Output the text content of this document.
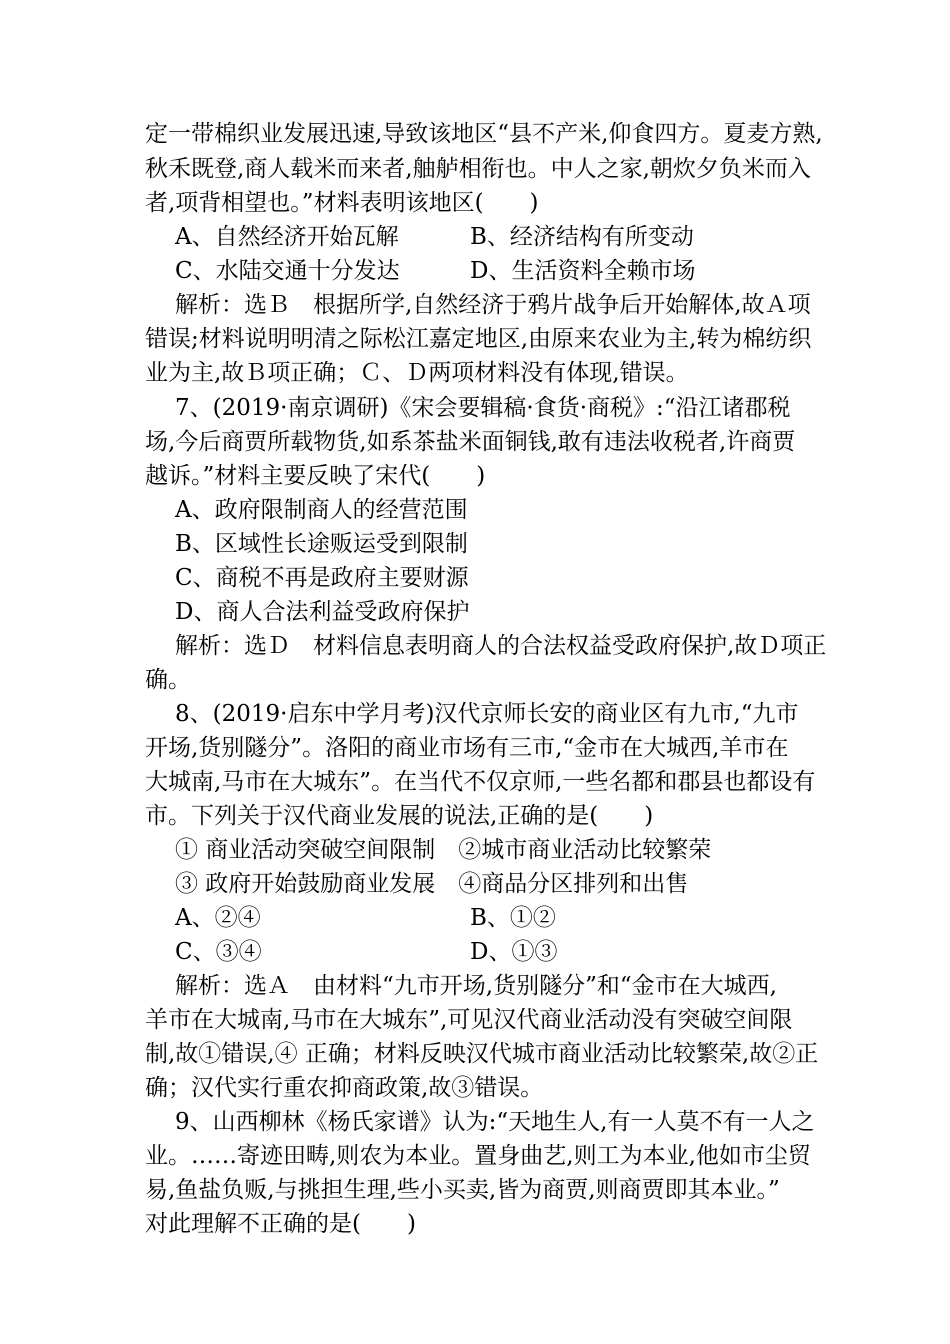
定一带棉织业发展迅速,导致该地区“县不产米,仰食四方。夏麦方熟,
秋禾既登,商人载米而来者,舳舻相衔也。中人之家,朝炊夕负米而入
者,项背相望也。”材料表明该地区(　　)
A、自然经济开始瓦解	B、经济结构有所变动
C、水陆交通十分发达	D、生活资料全赖市场
解析：选Ｂ　根据所学,自然经济于鸦片战争后开始解体,故Ａ项
错误;材料说明明清之际松江嘉定地区,由原来农业为主,转为棉纺织
业为主,故Ｂ项正确；Ｃ、Ｄ两项材料没有体现,错误。
7、(2019·南京调研)《宋会要辑稿·食货·商税》:“沿江诸郡税
场,今后商贾所载物货,如系茶盐米面铜钱,敢有违法收税者,许商贾
越诉。”材料主要反映了宋代(　　)
A、政府限制商人的经营范围
B、区域性长途贩运受到限制
C、商税不再是政府主要财源
D、商人合法利益受政府保护
解析：选Ｄ　材料信息表明商人的合法权益受政府保护,故Ｄ项正
确。
8、(2019·启东中学月考)汉代京师长安的商业区有九市,“九市
开场,货别隧分”。洛阳的商业市场有三市,“金市在大城西,羊市在
大城南,马市在大城东”。在当代不仅京师,一些名都和郡县也都设有
市。下列关于汉代商业发展的说法,正确的是(　　)
① 商业活动突破空间限制　②城市商业活动比较繁荣
③ 政府开始鼓励商业发展　④商品分区排列和出售
A、②④	B、①②
C、③④	D、①③
解析：选Ａ　由材料“九市开场,货别隧分”和“金市在大城西,
羊市在大城南,马市在大城东”,可见汉代商业活动没有突破空间限
制,故①错误,④ 正确；材料反映汉代城市商业活动比较繁荣,故②正
确；汉代实行重农抑商政策,故③错误。
9、山西柳林《杨氏家谱》认为:“天地生人,有一人莫不有一人之
业。……寄迹田畴,则农为本业。置身曲艺,则工为本业,他如市尘贸
易,鱼盐负贩,与挑担生理,些小买卖,皆为商贾,则商贾即其本业。”
对此理解不正确的是(　　)
